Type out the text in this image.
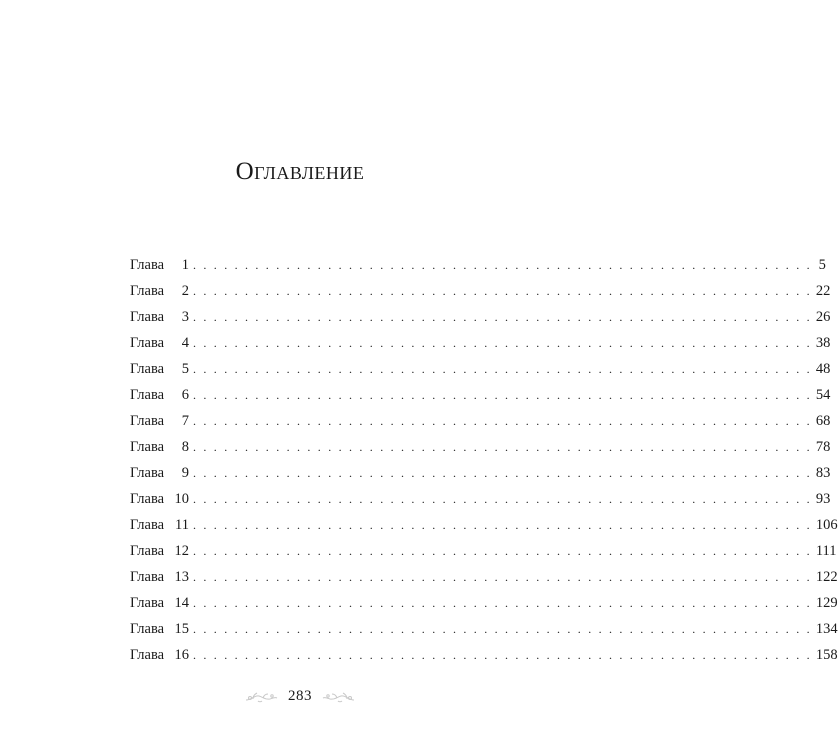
Оглавление
Глава	1 . . . . . . . . . . . . . . . . . . . . . . . . . . . . . . . . . . . . . . . . . . . . . . . . . . . . . . . . . . . . 5
Глава	2 . . . . . . . . . . . . . . . . . . . . . . . . . . . . . . . . . . . . . . . . . . . . . . . . . . . . . . . . . . . . 22
Глава	3 . . . . . . . . . . . . . . . . . . . . . . . . . . . . . . . . . . . . . . . . . . . . . . . . . . . . . . . . . . . . 26
Глава	4 . . . . . . . . . . . . . . . . . . . . . . . . . . . . . . . . . . . . . . . . . . . . . . . . . . . . . . . . . . . . 38
Глава	5 . . . . . . . . . . . . . . . . . . . . . . . . . . . . . . . . . . . . . . . . . . . . . . . . . . . . . . . . . . . . 48
Глава	6 . . . . . . . . . . . . . . . . . . . . . . . . . . . . . . . . . . . . . . . . . . . . . . . . . . . . . . . . . . . . 54
Глава	7 . . . . . . . . . . . . . . . . . . . . . . . . . . . . . . . . . . . . . . . . . . . . . . . . . . . . . . . . . . . . 68
Глава	8 . . . . . . . . . . . . . . . . . . . . . . . . . . . . . . . . . . . . . . . . . . . . . . . . . . . . . . . . . . . . 78
Глава	9 . . . . . . . . . . . . . . . . . . . . . . . . . . . . . . . . . . . . . . . . . . . . . . . . . . . . . . . . . . . . 83
Глава 10 . . . . . . . . . . . . . . . . . . . . . . . . . . . . . . . . . . . . . . . . . . . . . . . . . . . . . . . . . . . . 93
Глава 11 . . . . . . . . . . . . . . . . . . . . . . . . . . . . . . . . . . . . . . . . . . . . . . . . . . . . . . . . . . . . 106
Глава 12 . . . . . . . . . . . . . . . . . . . . . . . . . . . . . . . . . . . . . . . . . . . . . . . . . . . . . . . . . . . . 111
Глава 13 . . . . . . . . . . . . . . . . . . . . . . . . . . . . . . . . . . . . . . . . . . . . . . . . . . . . . . . . . . . . 122
Глава 14 . . . . . . . . . . . . . . . . . . . . . . . . . . . . . . . . . . . . . . . . . . . . . . . . . . . . . . . . . . . . 129
Глава 15 . . . . . . . . . . . . . . . . . . . . . . . . . . . . . . . . . . . . . . . . . . . . . . . . . . . . . . . . . . . . 134
Глава 16 . . . . . . . . . . . . . . . . . . . . . . . . . . . . . . . . . . . . . . . . . . . . . . . . . . . . . . . . . . . . 158
283
